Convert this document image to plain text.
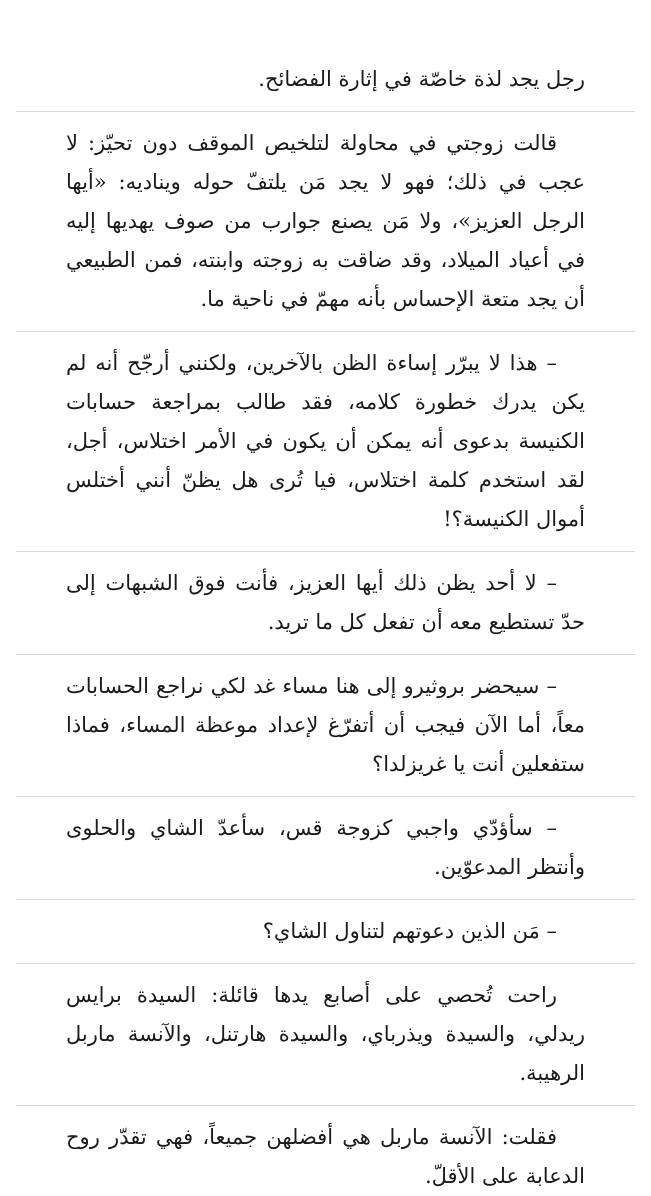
رجل يجد لذة خاصّة في إثارة الفضائح.

قالت زوجتي في محاولة لتلخيص الموقف دون تحيّز: لا عجب في ذلك؛ فهو لا يجد مَن يلتفّ حوله ويناديه: «أيها الرجل العزيز»، ولا مَن يصنع جوارب من صوف يهديها إليه في أعياد الميلاد، وقد ضاقت به زوجته وابنته، فمن الطبيعي أن يجد متعة الإحساس بأنه مهمّ في ناحية ما.

– هذا لا يبرّر إساءة الظن بالآخرين، ولكنني أرجّح أنه لم يكن يدرك خطورة كلامه، فقد طالب بمراجعة حسابات الكنيسة بدعوى أنه يمكن أن يكون في الأمر اختلاس، أجل، لقد استخدم كلمة اختلاس، فيا تُرى هل يظنّ أنني أختلس أموال الكنيسة؟!

– لا أحد يظن ذلك أيها العزيز، فأنت فوق الشبهات إلى حدّ تستطيع معه أن تفعل كل ما تريد.

– سيحضر بروثيرو إلى هنا مساء غد لكي نراجع الحسابات معاً، أما الآن فيجب أن أتفرّغ لإعداد موعظة المساء، فماذا ستفعلين أنت يا غريزلدا؟

– سأؤدّي واجبي كزوجة قس، سأعدّ الشاي والحلوى وأنتظر المدعوّين.

– مَن الذين دعوتهم لتناول الشاي؟

راحت تُحصي على أصابع يدها قائلة: السيدة برايس ريدلي، والسيدة ويذرباي، والسيدة هارتنل، والآنسة ماربل الرهيبة.

فقلت: الآنسة ماربل هي أفضلهن جميعاً، فهي تقدّر روح الدعابة على الأقلّ.
